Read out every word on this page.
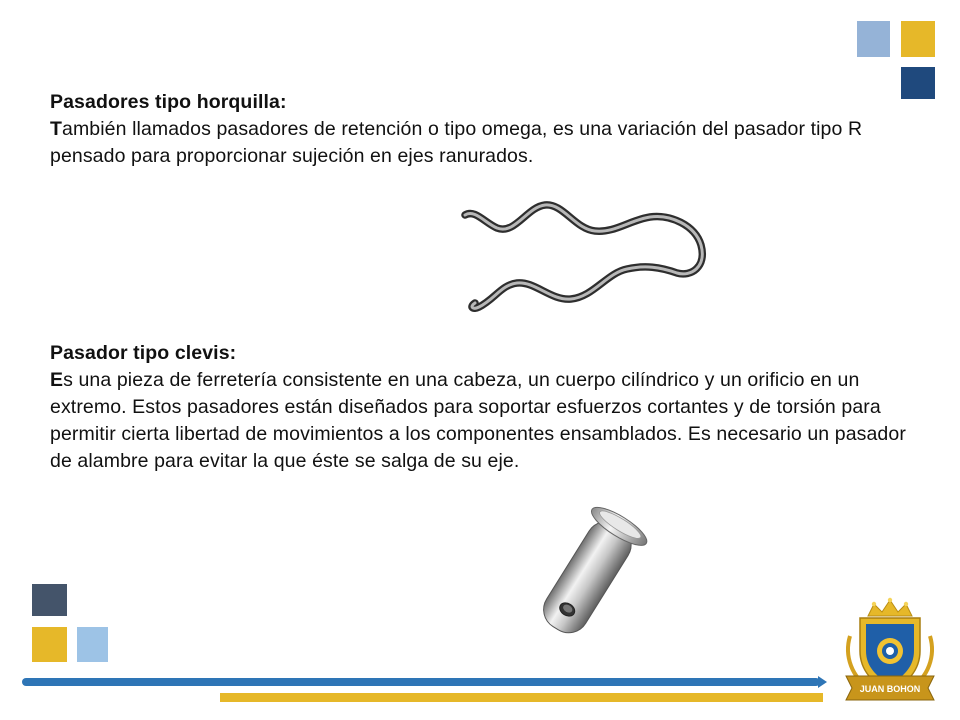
Pasadores tipo horquilla:
También llamados pasadores de retención o tipo omega, es una variación del pasador tipo R pensado para proporcionar sujeción en ejes ranurados.
Pasador tipo clevis:
Es una pieza de ferretería consistente en una cabeza, un cuerpo cilíndrico y un orificio en un extremo. Estos pasadores están diseñados para soportar esfuerzos cortantes y de torsión para permitir cierta libertad de movimientos a los componentes ensamblados. Es necesario un pasador de alambre para evitar la que éste se salga de su eje.
JUAN BOHON
